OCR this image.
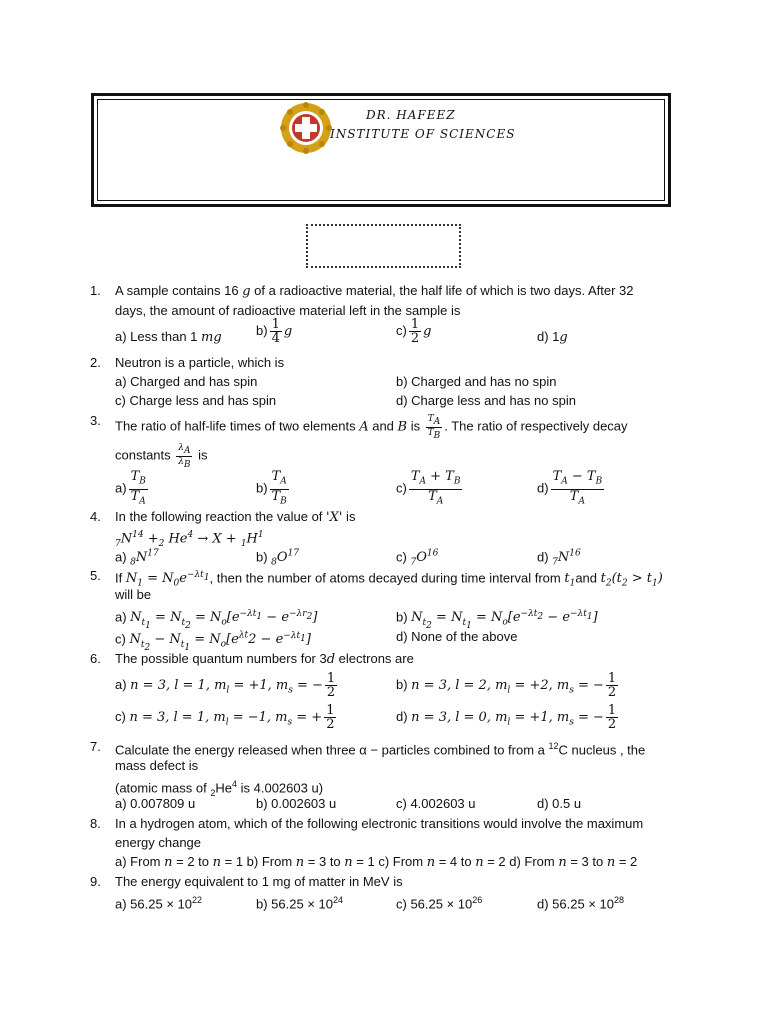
DR. HAFEEZ
INSTITUTE OF SCIENCES
1. A sample contains 16 g of a radioactive material, the half life of which is two days. After 32
days, the amount of radioactive material left in the sample is
a) Less than 1 mg	$b) \frac{1}{4}$ g	$c) \frac{1}{2}$ g	d) 1g
2. Neutron is a particle, which is
a) Charged and has spin	b) Charged and has no spin
c) Charge less and has spin	d) Charge less and has no spin
3. The ratio of half-life times of two elements A and B is $\frac{T_A}{T_B}$ . The ratio of respectively decay
constants $\frac{\lambda_A}{\lambda_B}$ is
$a) \frac{T_B}{T_A}$	$b) \frac{T_A}{T_B}$	$c) \frac{T_A + T_B}{T_A}$	$d) \frac{T_A - T_B}{T_A}$
4. In the following reaction the value of 'X' is
$_7N^{14} +_2$ $He^4 \to X + _1H^1$
a) $_8N^{17}$	b) $_8O^{17}$	c) $_7O^{16}$	d) $_7N^{16}$
5. If $N_1 = N_0e^{-\lambda t_1}$, then the number of atoms decayed during time interval from $t_1and$ $t_2(t_2 > t_1)$
will be
a) $N_{t_1} = N_{t_2} = N_o[e^{-\lambda t_1} - e^{-\lambda r_2}]$	b) $N_{t_2} = N_{t_1} = N_o[e^{-\lambda t_2} - e^{-\lambda t_1}]$
c) $N_{t_2} - N_{t_1} = N_o[e^{\lambda t}2 - e^{-\lambda t_1}]$	d) None of the above
6. The possible quantum numbers for 3d electrons are
a) n = 3, l = 1, $m_l = +1$, $m_s$ = − $\frac{1}{2}$	b) n = 3, l = 2, $m_l = +2$, $m_s$ = − $\frac{1}{2}$
c) n = 3, l = 1, $m_l = -1$, $m_s$ = + $\frac{1}{2}$	d) n = 3, l = 0, $m_l = +1$, $m_s$ = − $\frac{1}{2}$
7. Calculate the energy released when three α − particles combined to from a $^{12}$C nucleus , the
mass defect is
(atomic mass of $_2He^4$ is 4.002603 u)
a) 0.007809 u	b) 0.002603 u	c) 4.002603 u	d) 0.5 u
8. In a hydrogen atom, which of the following electronic transitions would involve the maximum
energy change
a) From n = 2 to n = 1 b) From n = 3 to n = 1 c) From n = 4 to n = 2 d) From n = 3 to n = 2
9. The energy equivalent to 1 mg of matter in MeV is
a) $56.25 \times 10^{22}$	b) $56.25 \times 10^{24}$	c) $56.25 \times 10^{26}$	d) $56.25 \times 10^{28}$
